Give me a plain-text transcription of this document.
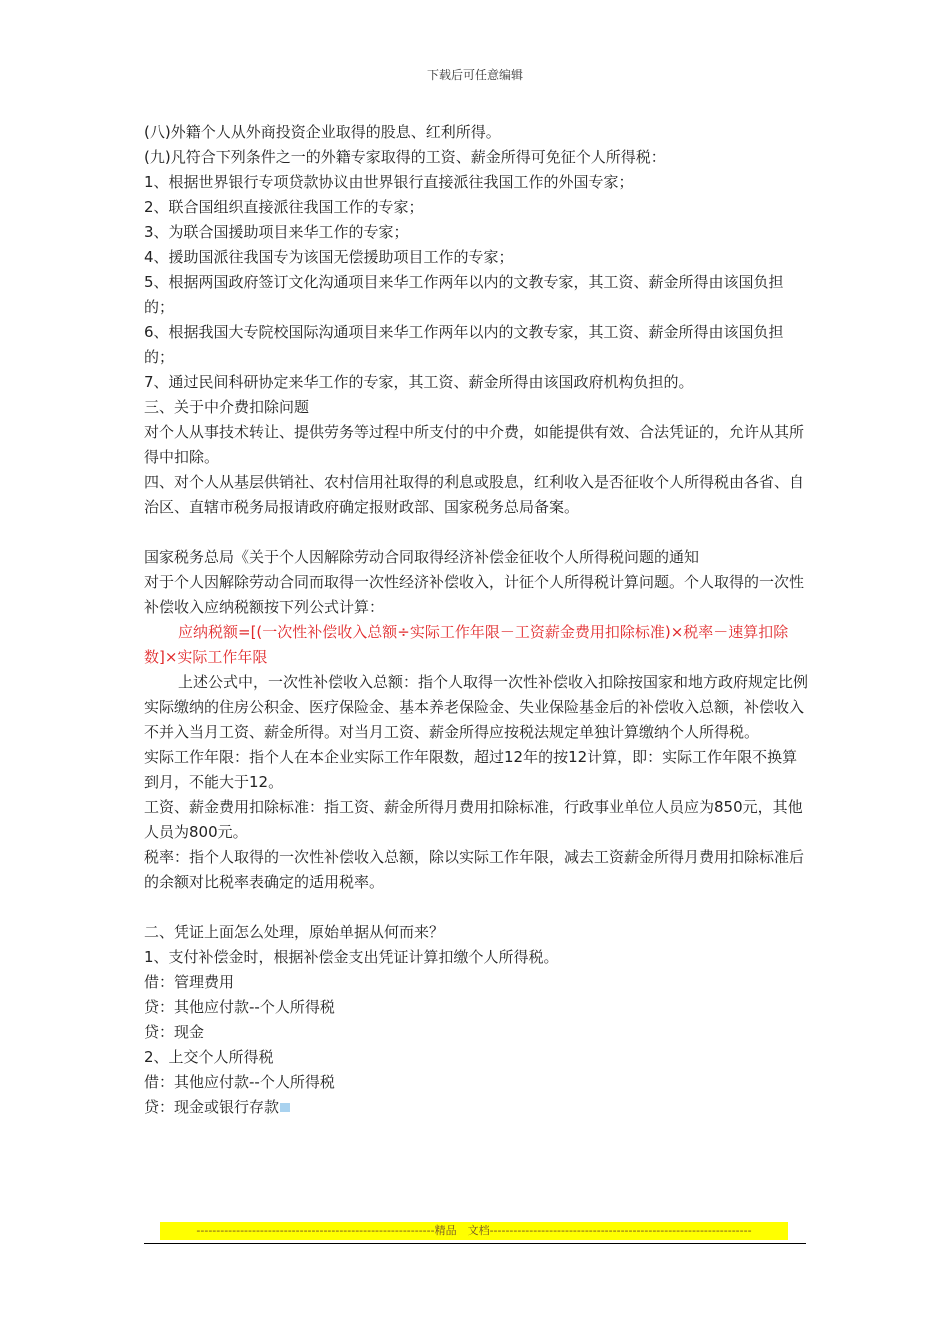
下载后可任意编辑

(八)外籍个人从外商投资企业取得的股息、红利所得。

(九)凡符合下列条件之一的外籍专家取得的工资、薪金所得可免征个人所得税：

1、根据世界银行专项贷款协议由世界银行直接派往我国工作的外国专家；

2、联合国组织直接派往我国工作的专家；

3、为联合国援助项目来华工作的专家；

4、援助国派往我国专为该国无偿援助项目工作的专家；

5、根据两国政府签订文化沟通项目来华工作两年以内的文教专家，其工资、薪金所得由该国负担的；

6、根据我国大专院校国际沟通项目来华工作两年以内的文教专家，其工资、薪金所得由该国负担的；

7、通过民间科研协定来华工作的专家，其工资、薪金所得由该国政府机构负担的。

三、关于中介费扣除问题

对个人从事技术转让、提供劳务等过程中所支付的中介费，如能提供有效、合法凭证的，允许从其所得中扣除。

四、对个人从基层供销社、农村信用社取得的利息或股息，红利收入是否征收个人所得税由各省、自治区、直辖市税务局报请政府确定报财政部、国家税务总局备案。

国家税务总局《关于个人因解除劳动合同取得经济补偿金征收个人所得税问题的通知

对于个人因解除劳动合同而取得一次性经济补偿收入，计征个人所得税计算问题。个人取得的一次性补偿收入应纳税额按下列公式计算：

应纳税额=[(一次性补偿收入总额÷实际工作年限－工资薪金费用扣除标准)×税率－速算扣除数]×实际工作年限

上述公式中，一次性补偿收入总额：指个人取得一次性补偿收入扣除按国家和地方政府规定比例实际缴纳的住房公积金、医疗保险金、基本养老保险金、失业保险基金后的补偿收入总额，补偿收入不并入当月工资、薪金所得。对当月工资、薪金所得应按税法规定单独计算缴纳个人所得税。

实际工作年限：指个人在本企业实际工作年限数，超过12年的按12计算，即：实际工作年限不换算到月，不能大于12。

工资、薪金费用扣除标准：指工资、薪金所得月费用扣除标准，行政事业单位人员应为850元，其他人员为800元。

税率：指个人取得的一次性补偿收入总额，除以实际工作年限，减去工资薪金所得月费用扣除标准后的余额对比税率表确定的适用税率。

二、凭证上面怎么处理，原始单据从何而来？

1、支付补偿金时，根据补偿金支出凭证计算扣缴个人所得税。

借：管理费用

贷：其他应付款--个人所得税

贷：现金

2、上交个人所得税

借：其他应付款--个人所得税

贷：现金或银行存款

------------------------------------------------------------精品　文档------------------------------------------------------------------
